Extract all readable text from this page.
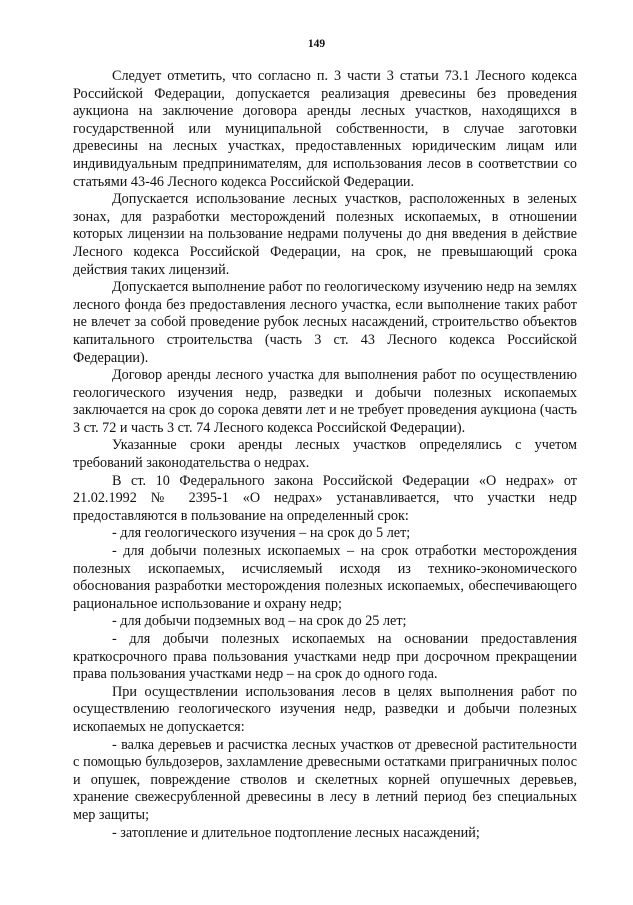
149

Следует отметить, что согласно п. 3 части 3 статьи 73.1 Лесного кодекса Российской Федерации, допускается реализация древесины без проведения аукциона на заключение договора аренды лесных участков, находящихся в государственной или муниципальной собственности, в случае заготовки древесины на лесных участках, предоставленных юридическим лицам или индивидуальным предпринимателям, для использования лесов в соответствии со статьями 43-46 Лесного кодекса Российской Федерации.

Допускается использование лесных участков, расположенных в зеленых зонах, для разработки месторождений полезных ископаемых, в отношении которых лицензии на пользование недрами получены до дня введения в действие Лесного кодекса Российской Федерации, на срок, не превышающий срока действия таких лицензий.

Допускается выполнение работ по геологическому изучению недр на землях лесного фонда без предоставления лесного участка, если выполнение таких работ не влечет за собой проведение рубок лесных насаждений, строительство объектов капитального строительства (часть 3 ст. 43 Лесного кодекса Российской Федерации).

Договор аренды лесного участка для выполнения работ по осуществлению геологического изучения недр, разведки и добычи полезных ископаемых заключается на срок до сорока девяти лет и не требует проведения аукциона (часть 3 ст. 72 и часть 3 ст. 74 Лесного кодекса Российской Федерации).

Указанные сроки аренды лесных участков определялись с учетом требований законодательства о недрах.

В ст. 10 Федерального закона Российской Федерации «О недрах» от 21.02.1992 № 2395-1 «О недрах» устанавливается, что участки недр предоставляются в пользование на определенный срок:

- для геологического изучения – на срок до 5 лет;

- для добычи полезных ископаемых – на срок отработки месторождения полезных ископаемых, исчисляемый исходя из технико-экономического обоснования разработки месторождения полезных ископаемых, обеспечивающего рациональное использование и охрану недр;

- для добычи подземных вод – на срок до 25 лет;

- для добычи полезных ископаемых на основании предоставления краткосрочного права пользования участками недр при досрочном прекращении права пользования участками недр – на срок до одного года.

При осуществлении использования лесов в целях выполнения работ по осуществлению геологического изучения недр, разведки и добычи полезных ископаемых не допускается:

- валка деревьев и расчистка лесных участков от древесной растительности с помощью бульдозеров, захламление древесными остатками приграничных полос и опушек, повреждение стволов и скелетных корней опушечных деревьев, хранение свежесрубленной древесины в лесу в летний период без специальных мер защиты;

- затопление и длительное подтопление лесных насаждений;
